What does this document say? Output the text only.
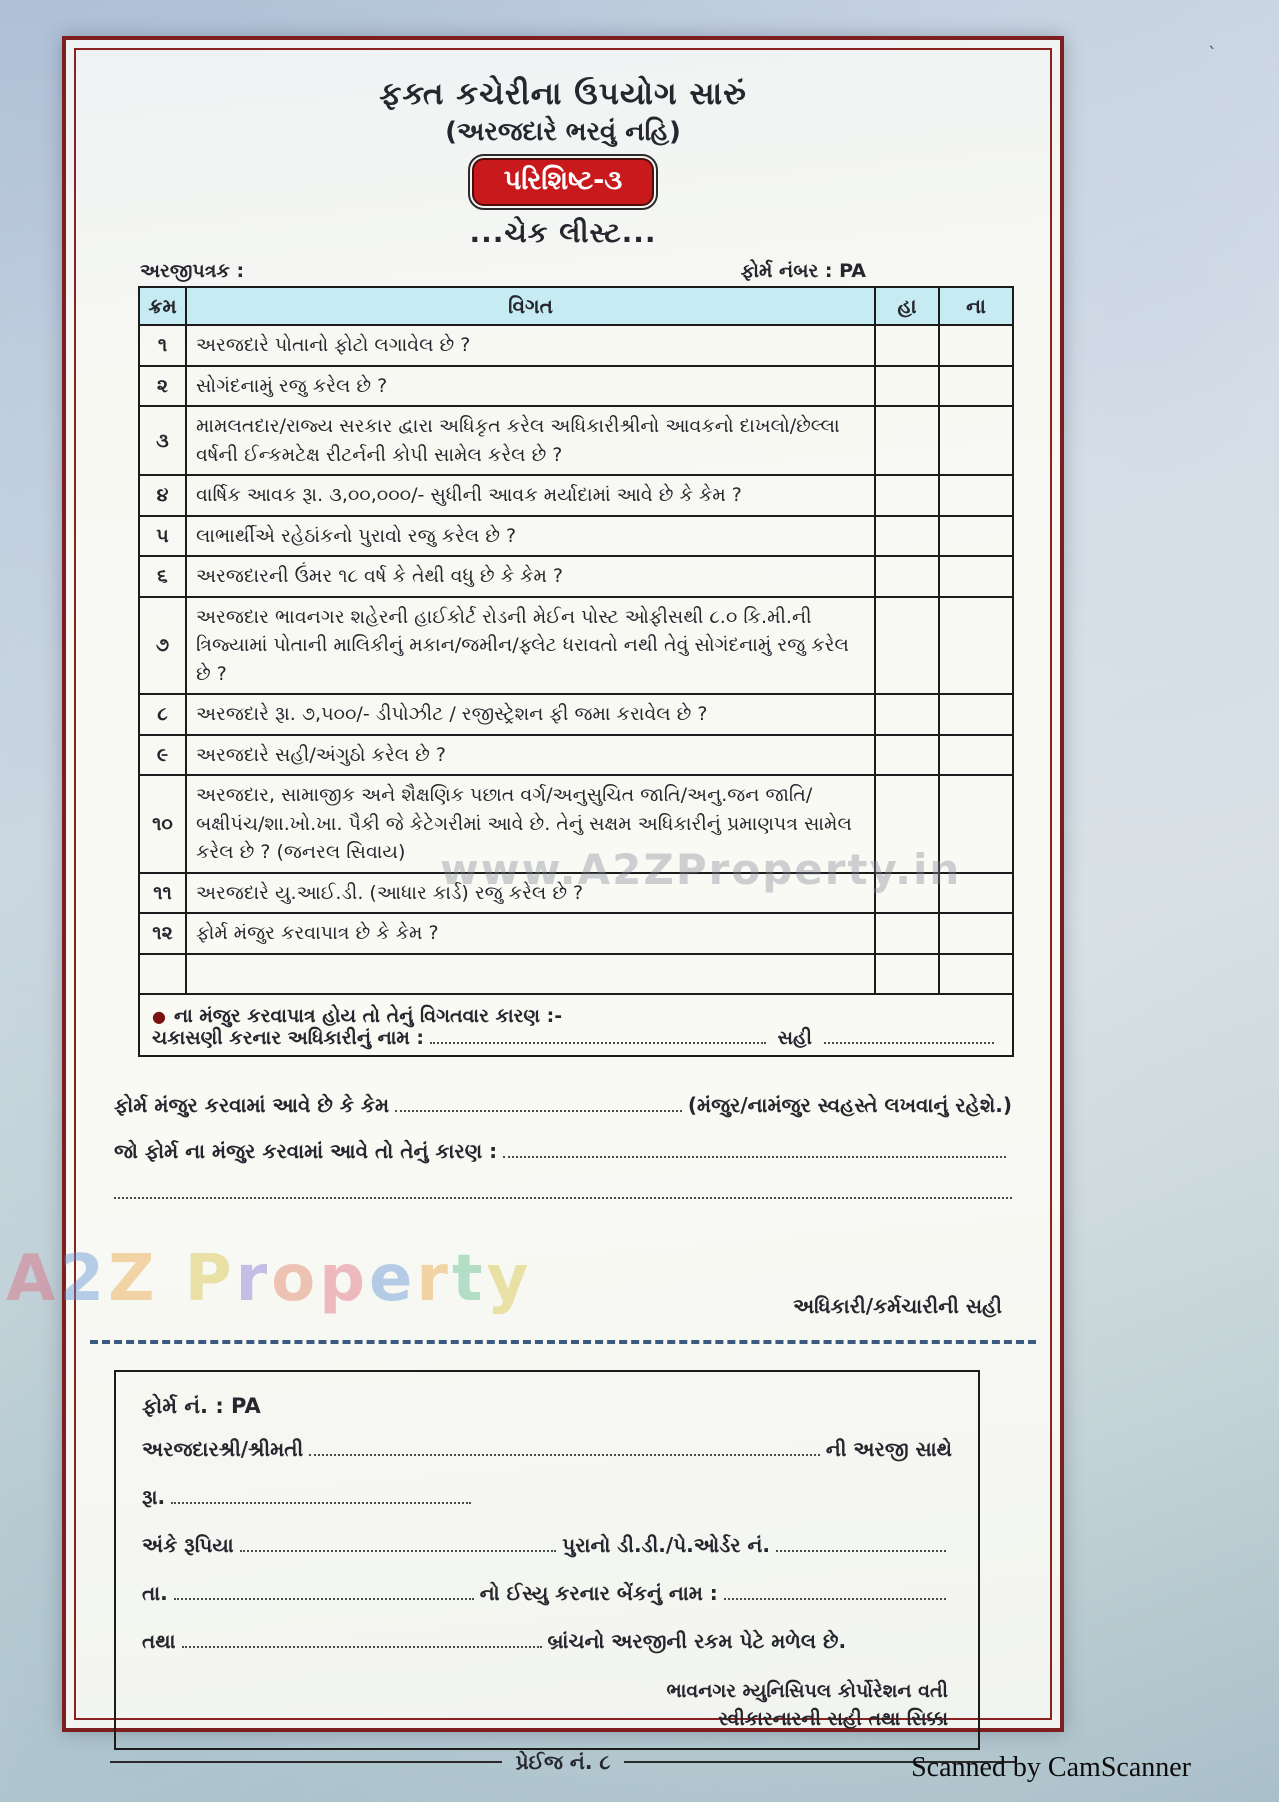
ફક્ત કચેરીના ઉપયોગ સારું
(અરજદારે ભરવું નહિ)
પરિશિષ્ટ-૩
...ચેક લીસ્ટ...
અરજીપત્રક :	ફોર્મ નંબર : PA
ક્રમ	વિગત	હા	ના
૧	અરજદારે પોતાનો ફોટો લગાવેલ છે ?		
૨	સોગંદનામું રજુ કરેલ છે ?		
૩	મામલતદાર/રાજ્ય સરકાર દ્વારા અધિકૃત કરેલ અધિકારીશ્રીનો આવકનો દાખલો/છેલ્લા વર્ષની ઈન્કમટેક્ષ રીટર્નની કોપી સામેલ કરેલ છે ?		
૪	વાર્ષિક આવક રૂા. ૩,૦૦,૦૦૦/- સુધીની આવક મર્યાદામાં આવે છે કે કેમ ?		
૫	લાભાર્થીએ રહેઠાંકનો પુરાવો રજુ કરેલ છે ?		
૬	અરજદારની ઉંમર ૧૮ વર્ષ કે તેથી વધુ છે કે કેમ ?		
૭	અરજદાર ભાવનગર શહેરની હાઈકોર્ટ રોડની મેઈન પોસ્ટ ઓફીસથી ૮.૦ કિ.મી.ની ત્રિજ્યામાં પોતાની માલિકીનું મકાન/જમીન/ફ્લેટ ધરાવતો નથી તેવું સોગંદનામું રજુ કરેલ છે ?		
૮	અરજદારે રૂા. ૭,૫૦૦/- ડીપોઝીટ / રજીસ્ટ્રેશન ફી જમા કરાવેલ છે ?		
૯	અરજદારે સહી/અંગુઠો કરેલ છે ?		
૧૦	અરજદાર, સામાજીક અને શૈક્ષણિક પછાત વર્ગ/અનુસુચિત જાતિ/અનુ.જન જાતિ/બક્ષીપંચ/શા.ખો.ખા. પૈકી જે કેટેગરીમાં આવે છે. તેનું સક્ષમ અધિકારીનું પ્રમાણપત્ર સામેલ કરેલ છે ? (જનરલ સિવાય)		
૧૧	અરજદારે યુ.આઈ.ડી. (આધાર કાર્ડ) રજુ કરેલ છે ?		
૧૨	ફોર્મ મંજુર કરવાપાત્ર છે કે કેમ ?		

● ના મંજુર કરવાપાત્ર હોય તો તેનું વિગતવાર કારણ :-
ચકાસણી કરનાર અધિકારીનું નામ :	સહી
ફોર્મ મંજુર કરવામાં આવે છે કે કેમ	(મંજુર/નામંજુર સ્વહસ્તે લખવાનું રહેશે.)
જો ફોર્મ ના મંજુર કરવામાં આવે તો તેનું કારણ :
અધિકારી/કર્મચારીની સહી
ફોર્મ નં. : PA
અરજદારશ્રી/શ્રીમતી	ની અરજી સાથે
રૂા.
અંકે રૂપિયા	પુરાનો ડી.ડી./પે.ઓર્ડર નં.
તા.	નો ઈસ્યુ કરનાર બેંકનું નામ :
તથા	બ્રાંચનો અરજીની રકમ પેટે મળેલ છે.
ભાવનગર મ્યુનિસિપલ કોર્પોરેશન વતી
સ્વીકારનારની સહી તથા સિક્કા
પ્રેઈજ નં. ૮
www.A2ZProperty.in
A2Z Property
Scanned by CamScanner
`
